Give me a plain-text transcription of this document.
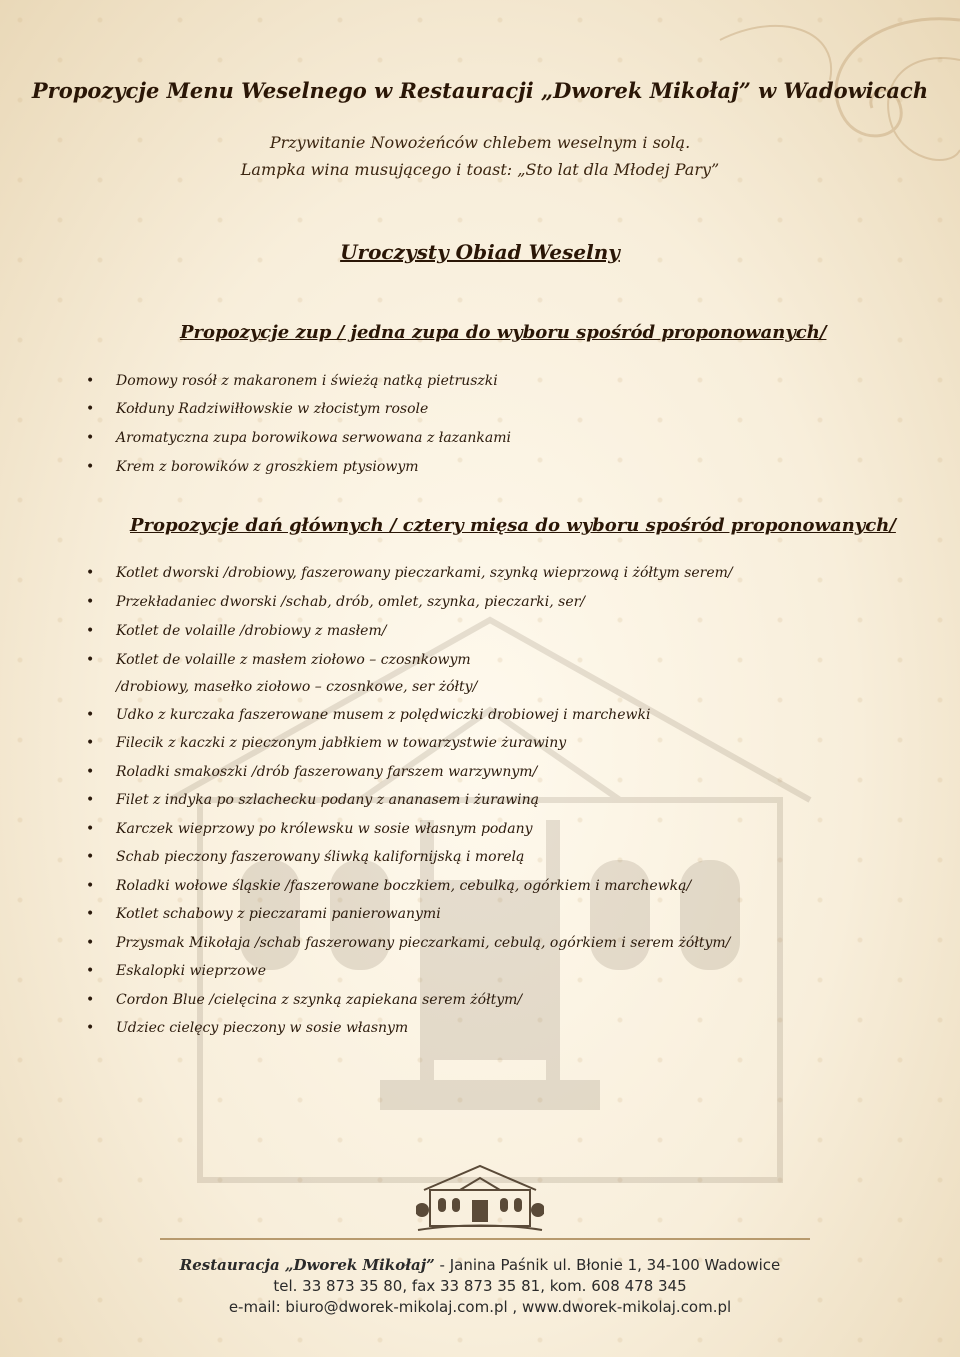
Propozycje Menu Weselnego w Restauracji „Dworek Mikołaj” w Wadowicach

Przywitanie Nowożeńców chlebem weselnym i solą.

Lampka wina musującego i toast: „Sto lat dla Młodej Pary”

Uroczysty Obiad Weselny
Propozycje zup / jedna zupa do wyboru spośród proponowanych/
• Domowy rosół z makaronem i świeżą natką pietruszki
• Kołduny Radziwiłłowskie w złocistym rosole
• Aromatyczna zupa borowikowa serwowana z łazankami
• Krem z borowików z groszkiem ptysiowym
Propozycje dań głównych / cztery mięsa do wyboru spośród proponowanych/
• Kotlet dworski /drobiowy, faszerowany pieczarkami, szynką wieprzową i żółtym serem/
• Przekładaniec dworski /schab, drób, omlet, szynka, pieczarki, ser/
• Kotlet de volaille /drobiowy z masłem/
• Kotlet de volaille z masłem ziołowo – czosnkowym
/drobiowy, masełko ziołowo – czosnkowe, ser żółty/
• Udko z kurczaka faszerowane musem z polędwiczki drobiowej i marchewki
• Filecik z kaczki z pieczonym jabłkiem w towarzystwie żurawiny
• Roladki smakoszki /drób faszerowany farszem warzywnym/
• Filet z indyka po szlachecku podany z ananasem i żurawiną
• Karczek wieprzowy po królewsku w sosie własnym podany
• Schab pieczony faszerowany śliwką kalifornijską i morelą
• Roladki wołowe śląskie /faszerowane boczkiem, cebulką, ogórkiem i marchewką/
• Kotlet schabowy z pieczarami panierowanymi
• Przysmak Mikołaja /schab faszerowany pieczarkami, cebulą, ogórkiem i serem żółtym/
• Eskalopki wieprzowe
• Cordon Blue /cielęcina z szynką zapiekana serem żółtym/
• Udziec cielęcy pieczony w sosie własnym

Restauracja „Dworek Mikołaj” - Janina Paśnik ul. Błonie 1, 34-100 Wadowice

tel. 33 873 35 80, fax 33 873 35 81, kom. 608 478 345

e-mail: biuro@dworek-mikolaj.com.pl , www.dworek-mikolaj.com.pl
